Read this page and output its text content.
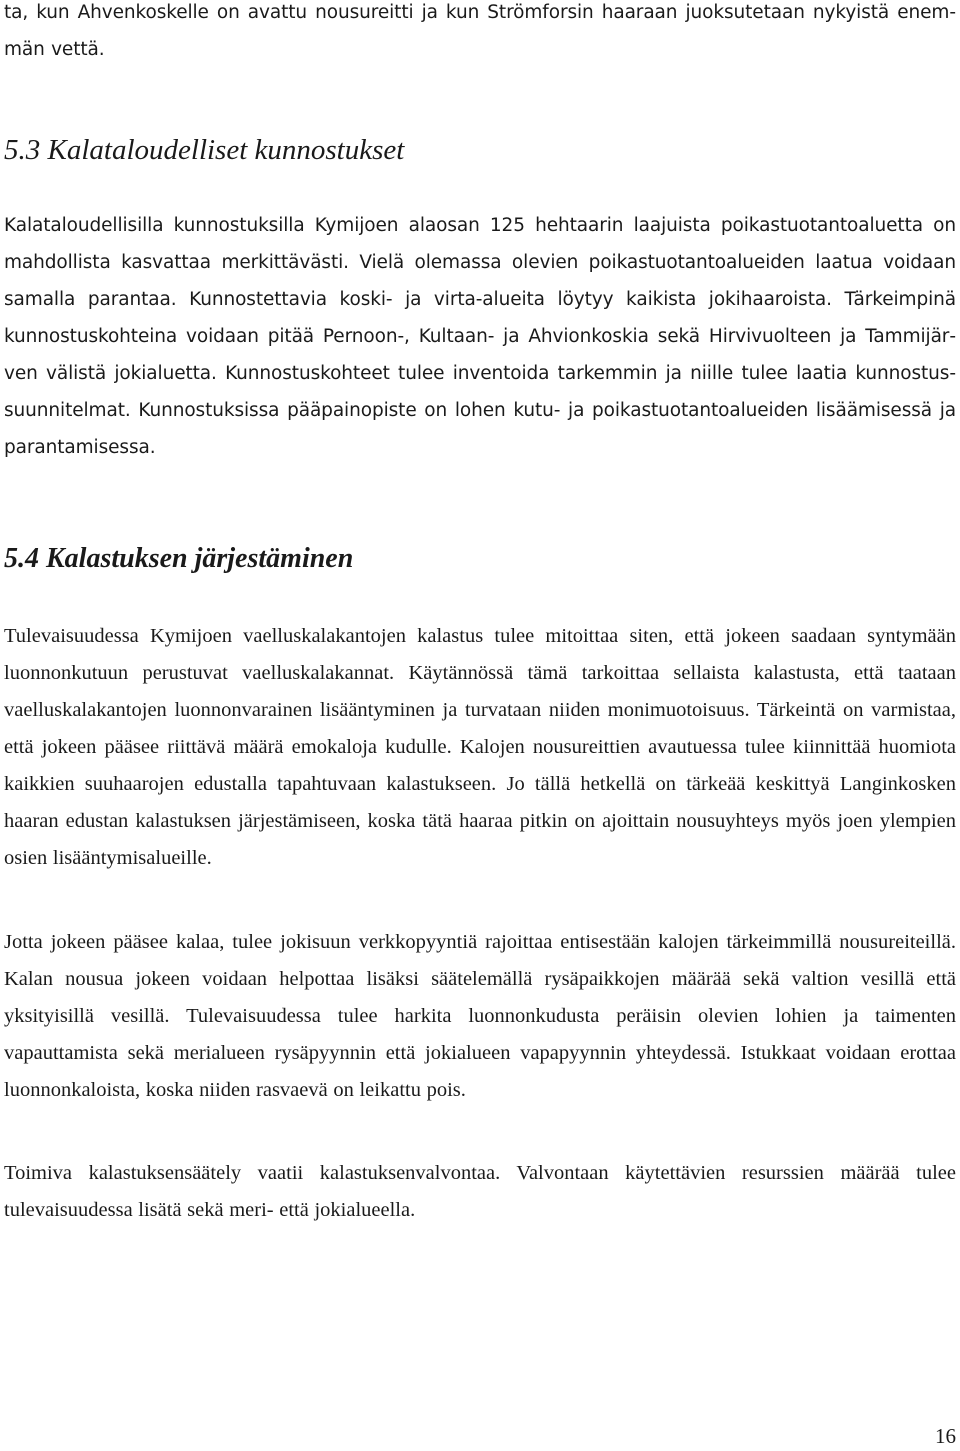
ta, kun Ahvenkoskelle on avattu nousureitti ja kun Strömforsin haaraan juoksutetaan nykyistä enemmän vettä.

5.3 Kalataloudelliset kunnostukset

Kalataloudellisilla kunnostuksilla Kymijoen alaosan 125 hehtaarin laajuista poikastuotantoaluetta on mahdollista kasvattaa merkittävästi. Vielä olemassa olevien poikastuotantoalueiden laatua voidaan samalla parantaa. Kunnostettavia koski- ja virta-alueita löytyy kaikista jokihaaroista. Tärkeimpinä kunnostuskohteina voidaan pitää Pernoon-, Kultaan- ja Ahvionkoskia sekä Hirvivuolteen ja Tammijärven välistä jokialuetta. Kunnostuskohteet tulee inventoida tarkemmin ja niille tulee laatia kunnostussuunnitelmat. Kunnostuksissa pääpainopiste on lohen kutu- ja poikastuotantoalueiden lisäämisessä ja parantamisessa.

5.4 Kalastuksen järjestäminen

Tulevaisuudessa Kymijoen vaelluskalakantojen kalastus tulee mitoittaa siten, että jokeen saadaan syntymään luonnonkutuun perustuvat vaelluskalakannat. Käytännössä tämä tarkoittaa sellaista kalastusta, että taataan vaelluskalakantojen luonnonvarainen lisääntyminen ja turvataan niiden monimuotoisuus. Tärkeintä on varmistaa, että jokeen pääsee riittävä määrä emokaloja kudulle. Kalojen nousureittien avautuessa tulee kiinnittää huomiota kaikkien suuhaarojen edustalla tapahtuvaan kalastukseen. Jo tällä hetkellä on tärkeää keskittyä Langinkosken haaran edustan kalastuksen järjestämiseen, koska tätä haaraa pitkin on ajoittain nousuyhteys myös joen ylempien osien lisääntymisalueille.

Jotta jokeen pääsee kalaa, tulee jokisuun verkkopyyntiä rajoittaa entisestään kalojen tärkeimmillä nousureiteillä. Kalan nousua jokeen voidaan helpottaa lisäksi säätelemällä rysäpaikkojen määrää sekä valtion vesillä että yksityisillä vesillä. Tulevaisuudessa tulee harkita luonnonkudusta peräisin olevien lohien ja taimenten vapauttamista sekä merialueen rysäpyynnin että jokialueen vapapyynnin yhteydessä. Istukkaat voidaan erottaa luonnonkaloista, koska niiden rasvaevä on leikattu pois.

Toimiva kalastuksensäätely vaatii kalastuksenvalvontaa. Valvontaan käytettävien resurssien määrää tulee tulevaisuudessa lisätä sekä meri- että jokialueella.

16
